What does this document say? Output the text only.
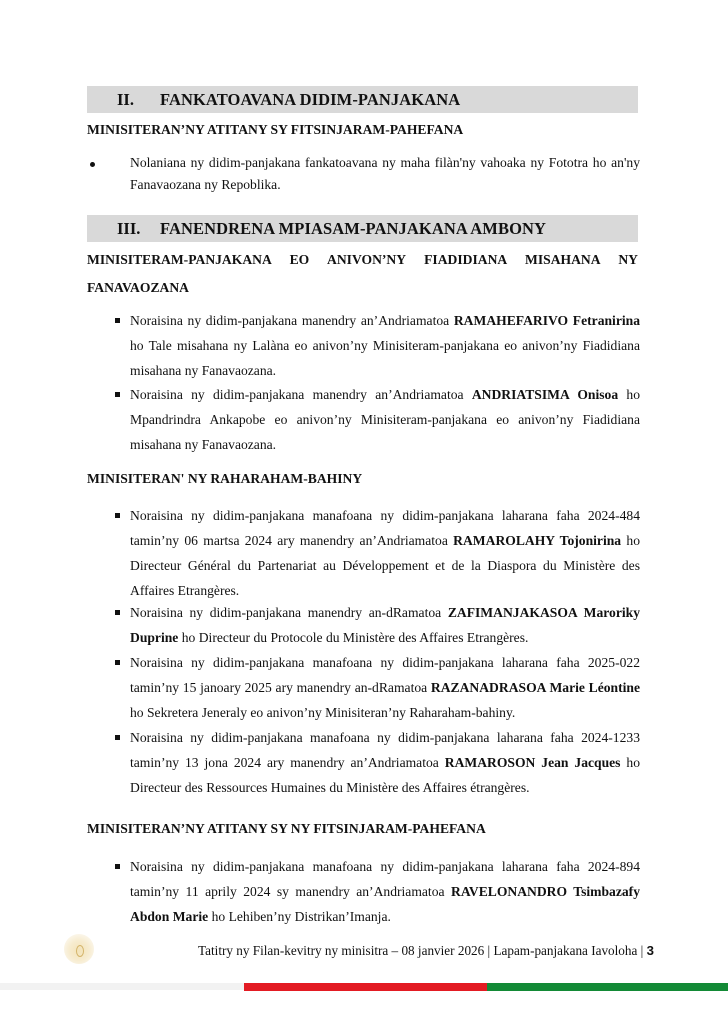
II. FANKATOAVANA DIDIM-PANJAKANA
MINISITERAN’NY ATITANY SY FITSINJARAM-PAHEFANA
Nolaniana ny didim-panjakana fankatoavana ny maha filàn'ny vahoaka ny Fototra ho an'ny Fanavaozana ny Repoblika.
III. FANENDRENA MPIASAM-PANJAKANA AMBONY
MINISITERAM-PANJAKANA EO ANIVON’NY FIADIDIANA MISAHANA NY FANAVAOZANA
Noraisina ny didim-panjakana manendry an’Andriamatoa RAMAHEFARIVO Fetranirina ho Tale misahana ny Lalàna eo anivon’ny Minisiteram-panjakana eo anivon’ny Fiadidiana misahana ny Fanavaozana.
Noraisina ny didim-panjakana manendry an’Andriamatoa ANDRIATSIMA Onisoa ho Mpandrindra Ankapobe eo anivon’ny Minisiteram-panjakana eo anivon’ny Fiadidiana misahana ny Fanavaozana.
MINISITERAN' NY RAHARAHAM-BAHINY
Noraisina ny didim-panjakana manafoana ny didim-panjakana laharana faha 2024-484 tamin’ny 06 martsa 2024 ary manendry an’Andriamatoa RAMAROLAHY Tojonirina ho Directeur Général du Partenariat au Développement et de la Diaspora du Ministère des Affaires Etrangères.
Noraisina ny didim-panjakana manendry an-dRamatoa ZAFIMANJAKASOA Maroriky Duprine ho Directeur du Protocole du Ministère des Affaires Etrangères.
Noraisina ny didim-panjakana manafoana ny didim-panjakana laharana faha 2025-022 tamin’ny 15 janoary 2025 ary manendry an-dRamatoa RAZANADRASOA Marie Léontine ho Sekretera Jeneraly eo anivon’ny Minisiteran’ny Raharaham-bahiny.
Noraisina ny didim-panjakana manafoana ny didim-panjakana laharana faha 2024-1233 tamin’ny 13 jona 2024 ary manendry an’Andriamatoa RAMAROSON Jean Jacques ho Directeur des Ressources Humaines du Ministère des Affaires étrangères.
MINISITERAN’NY ATITANY SY NY FITSINJARAM-PAHEFANA
Noraisina ny didim-panjakana manafoana ny didim-panjakana laharana faha 2024-894 tamin’ny 11 aprily 2024 sy manendry an’Andriamatoa RAVELONANDRO Tsimbazafy Abdon Marie ho Lehiben’ny Distrikan’Imanja.
Tatitry ny Filan-kevitry ny minisitra – 08 janvier 2026 | Lapam-panjakana Iavoloha | 3
